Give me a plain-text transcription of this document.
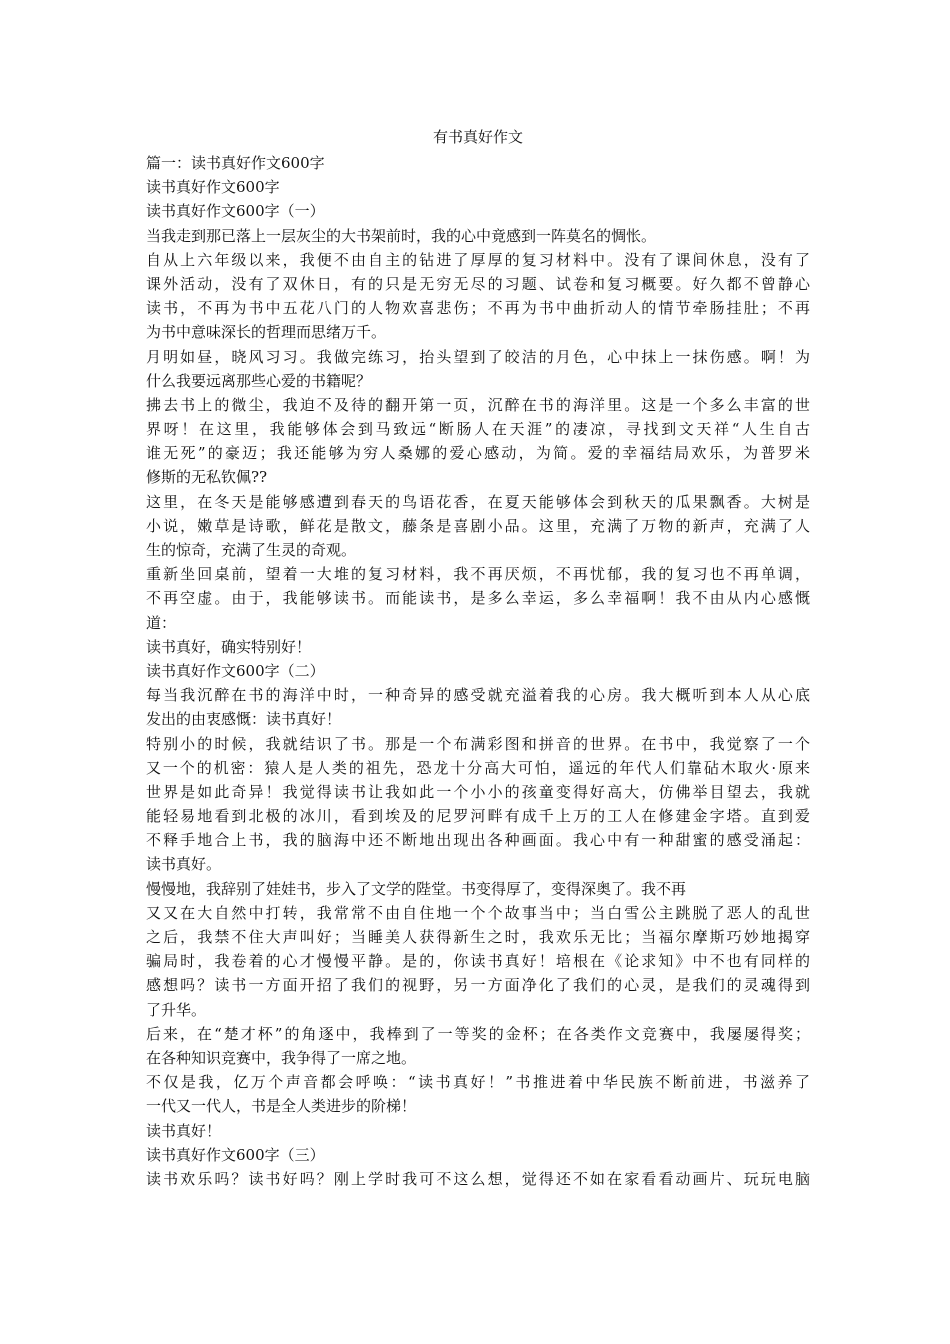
有书真好作文
篇一：读书真好作文600字
读书真好作文600字
读书真好作文600字（一）
当我走到那已落上一层灰尘的大书架前时，我的心中竟感到一阵莫名的惆怅。
自从上六年级以来，我便不由自主的钻进了厚厚的复习材料中。没有了课间休息，没有了
课外活动，没有了双休日，有的只是无穷无尽的习题、试卷和复习概要。好久都不曾静心
读书，不再为书中五花八门的人物欢喜悲伤；不再为书中曲折动人的情节牵肠挂肚；不再
为书中意味深长的哲理而思绪万千。
月明如昼，晓风习习。我做完练习，抬头望到了皎洁的月色，心中抹上一抹伤感。啊！为
什么我要远离那些心爱的书籍呢？
拂去书上的微尘，我迫不及待的翻开第一页，沉醉在书的海洋里。这是一个多么丰富的世
界呀！在这里，我能够体会到马致远“断肠人在天涯”的凄凉，寻找到文天祥“人生自古
谁无死”的豪迈；我还能够为穷人桑娜的爱心感动，为简。爱的幸福结局欢乐，为普罗米
修斯的无私钦佩??
这里，在冬天是能够感遭到春天的鸟语花香，在夏天能够体会到秋天的瓜果飘香。大树是
小说，嫩草是诗歌，鲜花是散文，藤条是喜剧小品。这里，充满了万物的新声，充满了人
生的惊奇，充满了生灵的奇观。
重新坐回桌前，望着一大堆的复习材料，我不再厌烦，不再忧郁，我的复习也不再单调，
不再空虚。由于，我能够读书。而能读书，是多么幸运，多么幸福啊！我不由从内心感慨
道：
读书真好，确实特别好！
读书真好作文600字（二）
每当我沉醉在书的海洋中时，一种奇异的感受就充溢着我的心房。我大概听到本人从心底
发出的由衷感慨：读书真好！
特别小的时候，我就结识了书。那是一个布满彩图和拼音的世界。在书中，我觉察了一个
又一个的机密：猿人是人类的祖先，恐龙十分高大可怕，遥远的年代人们靠砧木取火·原来
世界是如此奇异！我觉得读书让我如此一个小小的孩童变得好高大，仿佛举目望去，我就
能轻易地看到北极的冰川，看到埃及的尼罗河畔有成千上万的工人在修建金字塔。直到爱
不释手地合上书，我的脑海中还不断地出现出各种画面。我心中有一种甜蜜的感受涌起：
读书真好。
慢慢地，我辞别了娃娃书，步入了文学的陛堂。书变得厚了，变得深奥了。我不再
又又在大自然中打转，我常常不由自住地一个个故事当中；当白雪公主跳脱了恶人的乱世
之后，我禁不住大声叫好；当睡美人获得新生之时，我欢乐无比；当福尔摩斯巧妙地揭穿
骗局时，我卷着的心才慢慢平静。是的，你读书真好！培根在《论求知》中不也有同样的
感想吗？读书一方面开招了我们的视野，另一方面净化了我们的心灵，是我们的灵魂得到
了升华。
后来，在“楚才杯”的角逐中，我棒到了一等奖的金杯；在各类作文竞赛中，我屡屡得奖；
在各种知识竞赛中，我争得了一席之地。
不仅是我，亿万个声音都会呼唤：“读书真好！”书推进着中华民族不断前进，书滋养了
一代又一代人，书是全人类进步的阶梯！
读书真好！
读书真好作文600字（三）
读书欢乐吗？读书好吗？刚上学时我可不这么想，觉得还不如在家看看动画片、玩玩电脑
